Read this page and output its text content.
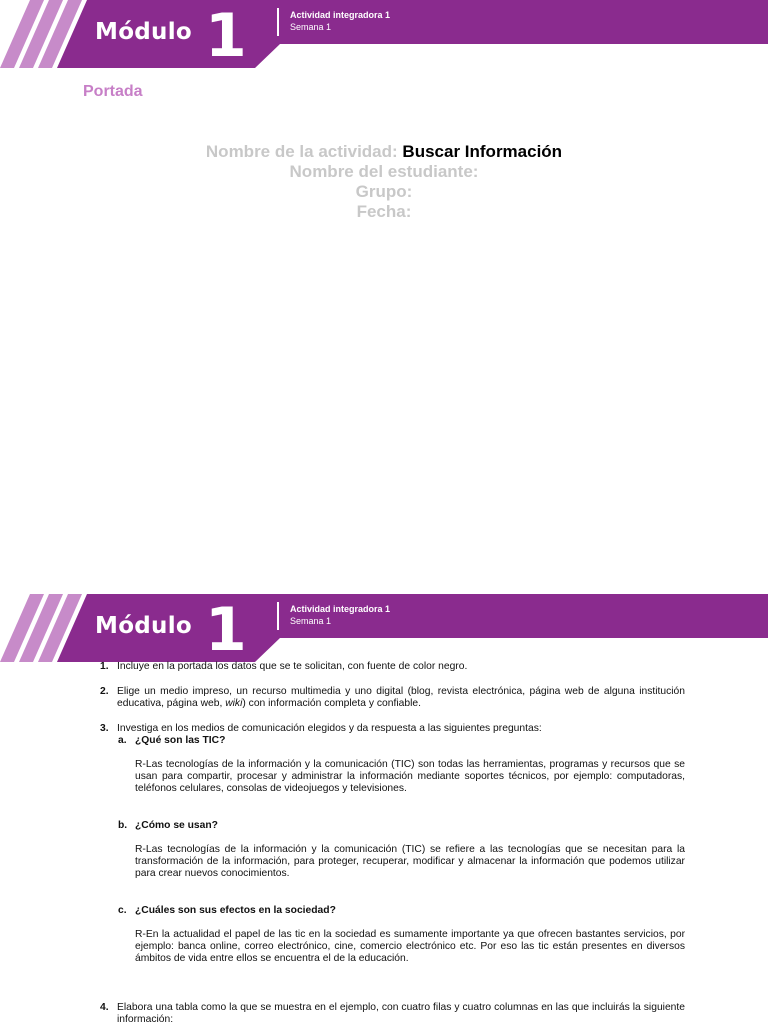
Módulo 1	Actividad integradora 1
Semana 1
Portada
Nombre de la actividad: Buscar Información
Nombre del estudiante:
Grupo:
Fecha:
Módulo 1	Actividad integradora 1
Semana 1
1. Incluye en la portada los datos que se te solicitan, con fuente de color negro.
2. Elige un medio impreso, un recurso multimedia y uno digital (blog, revista electrónica, página web de alguna institución educativa, página web, wiki) con información completa y confiable.
3. Investiga en los medios de comunicación elegidos y da respuesta a las siguientes preguntas:
a. ¿Qué son las TIC?
R-Las tecnologías de la información y la comunicación (TIC) son todas las herramientas, programas y recursos que se usan para compartir, procesar y administrar la información mediante soportes técnicos, por ejemplo: computadoras, teléfonos celulares, consolas de videojuegos y televisiones.
b. ¿Cómo se usan?
R-Las tecnologías de la información y la comunicación (TIC) se refiere a las tecnologías que se necesitan para la transformación de la información, para proteger, recuperar, modificar y almacenar la información que podemos utilizar para crear nuevos conocimientos.
c. ¿Cuáles son sus efectos en la sociedad?
R-En la actualidad el papel de las tic en la sociedad es sumamente importante ya que ofrecen bastantes servicios, por ejemplo: banca online, correo electrónico, cine, comercio electrónico etc. Por eso las tic están presentes en diversos ámbitos de vida entre ellos se encuentra el de la educación.
4. Elabora una tabla como la que se muestra en el ejemplo, con cuatro filas y cuatro columnas en las que incluirás la siguiente información:
